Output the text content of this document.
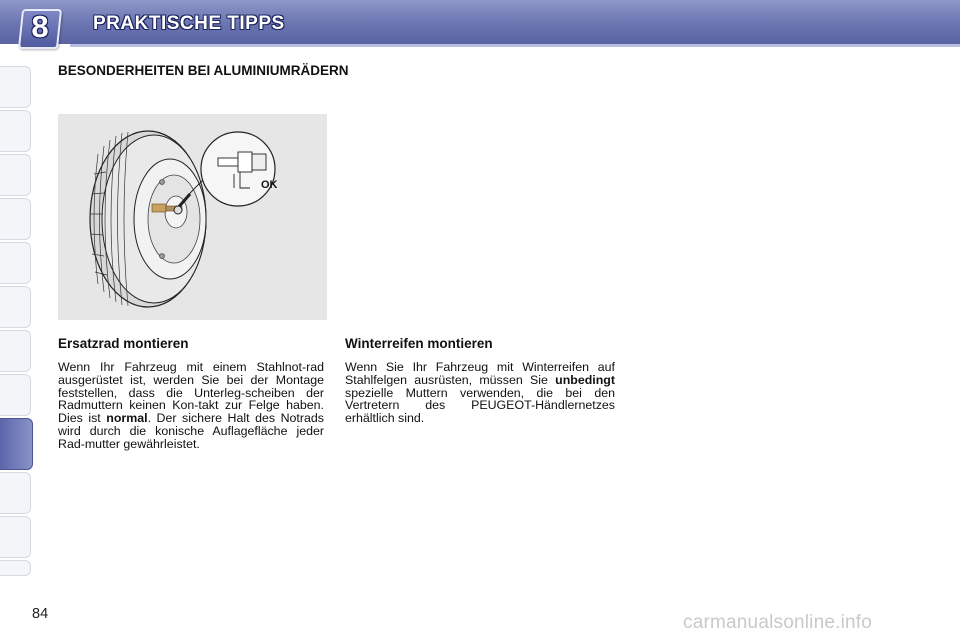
8	PRAKTISCHE TIPPS
BESONDERHEITEN BEI ALUMINIUMRÄDERN
OK
Ersatzrad montieren
Wenn Ihr Fahrzeug mit einem Stahlnot-rad ausgerüstet ist, werden Sie bei der Montage feststellen, dass die Unterleg-scheiben der Radmuttern keinen Kon-takt zur Felge haben. Dies ist normal. Der sichere Halt des Notrads wird durch die konische Auflagefläche jeder Rad-mutter gewährleistet.
Winterreifen montieren
Wenn Sie Ihr Fahrzeug mit Winterreifen auf Stahlfelgen ausrüsten, müssen Sie unbedingt spezielle Muttern verwenden, die bei den Vertretern des PEUGEOT-Händlernetzes erhältlich sind.
84	carmanualsonline.info
